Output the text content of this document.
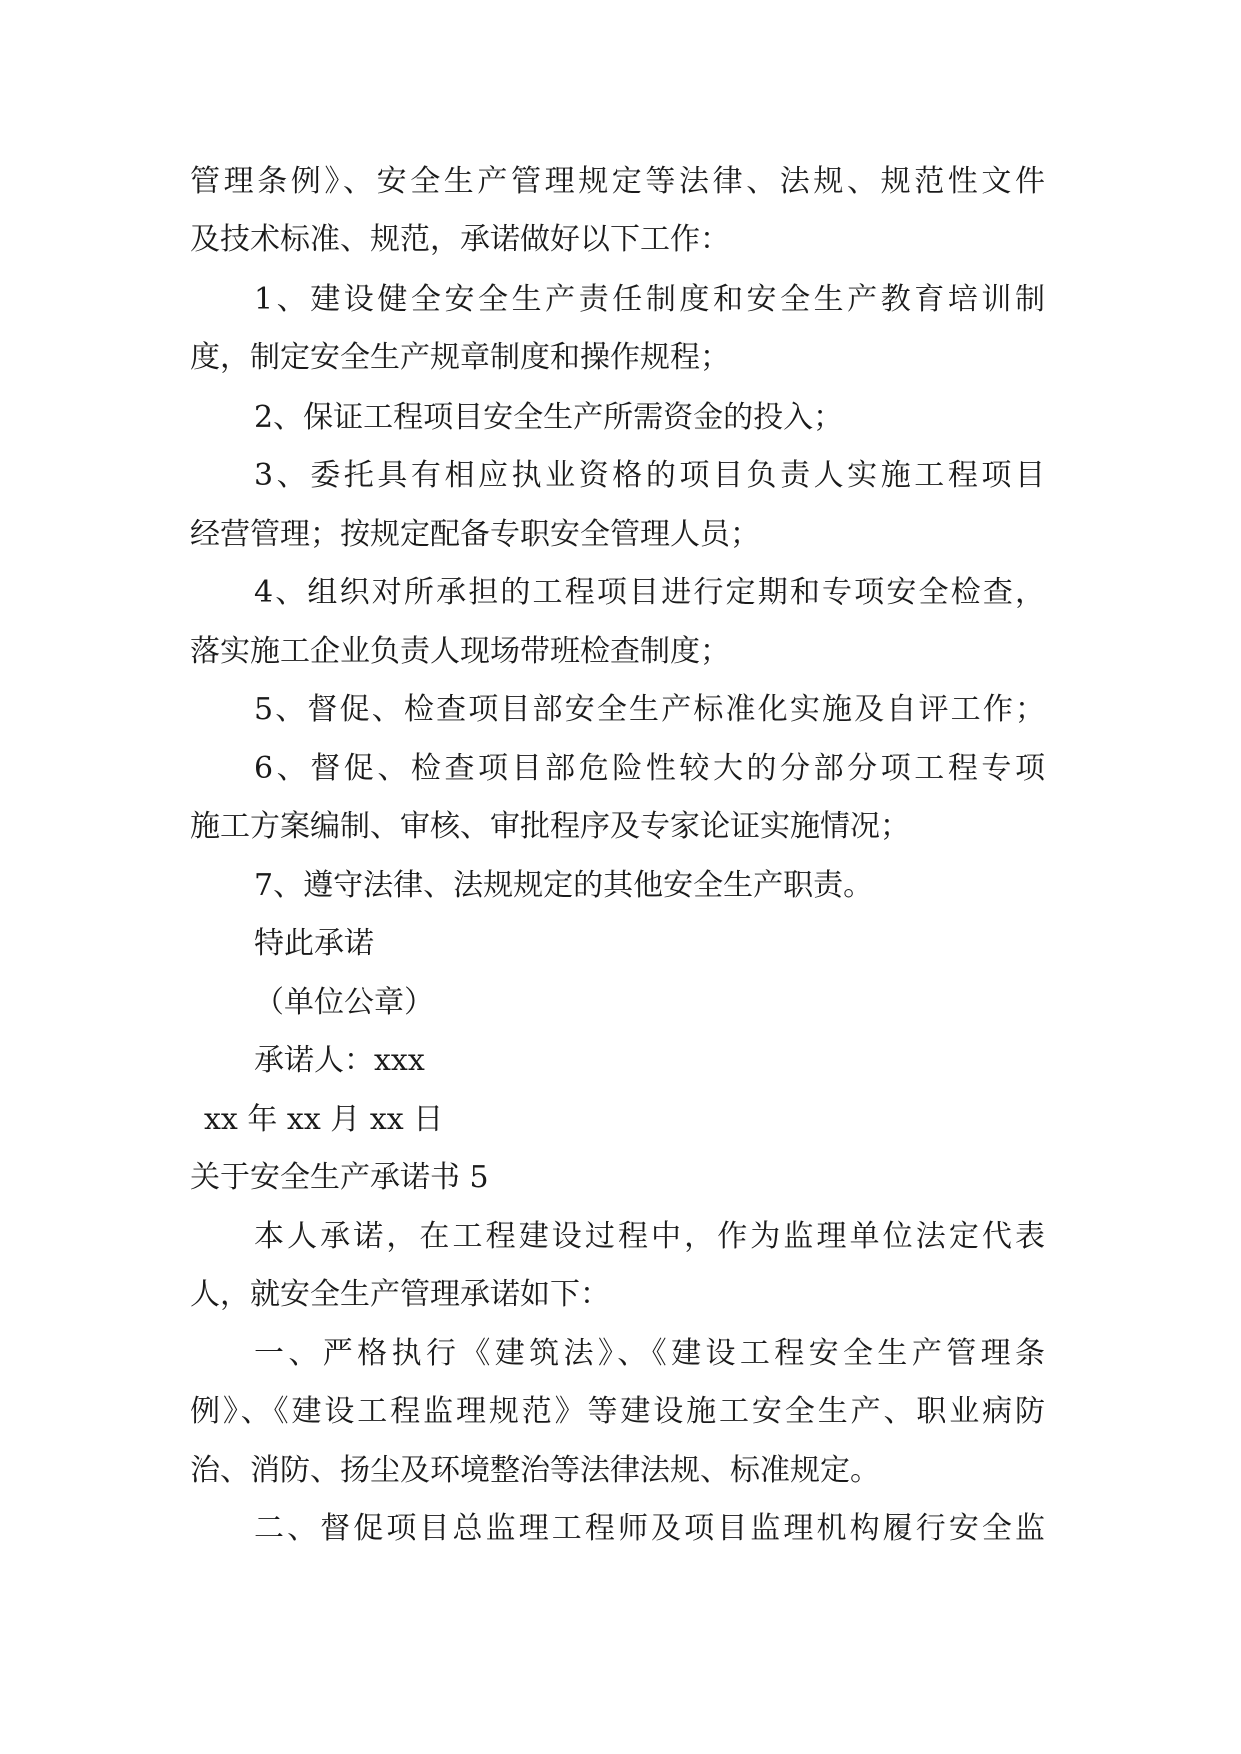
管理条例》、安全生产管理规定等法律、法规、规范性文件
及技术标准、规范，承诺做好以下工作：
1、建设健全安全生产责任制度和安全生产教育培训制
度，制定安全生产规章制度和操作规程；
2、保证工程项目安全生产所需资金的投入；
3、委托具有相应执业资格的项目负责人实施工程项目
经营管理；按规定配备专职安全管理人员；
4、组织对所承担的工程项目进行定期和专项安全检查，
落实施工企业负责人现场带班检查制度；
5、督促、检查项目部安全生产标准化实施及自评工作；
6、督促、检查项目部危险性较大的分部分项工程专项
施工方案编制、审核、审批程序及专家论证实施情况；
7、遵守法律、法规规定的其他安全生产职责。
特此承诺
（单位公章）
承诺人：xxx
xx 年 xx 月 xx 日
关于安全生产承诺书 5
本人承诺，在工程建设过程中，作为监理单位法定代表
人，就安全生产管理承诺如下：
一、严格执行《建筑法》、《建设工程安全生产管理条
例》、《建设工程监理规范》等建设施工安全生产、职业病防
治、消防、扬尘及环境整治等法律法规、标准规定。
二、督促项目总监理工程师及项目监理机构履行安全监
